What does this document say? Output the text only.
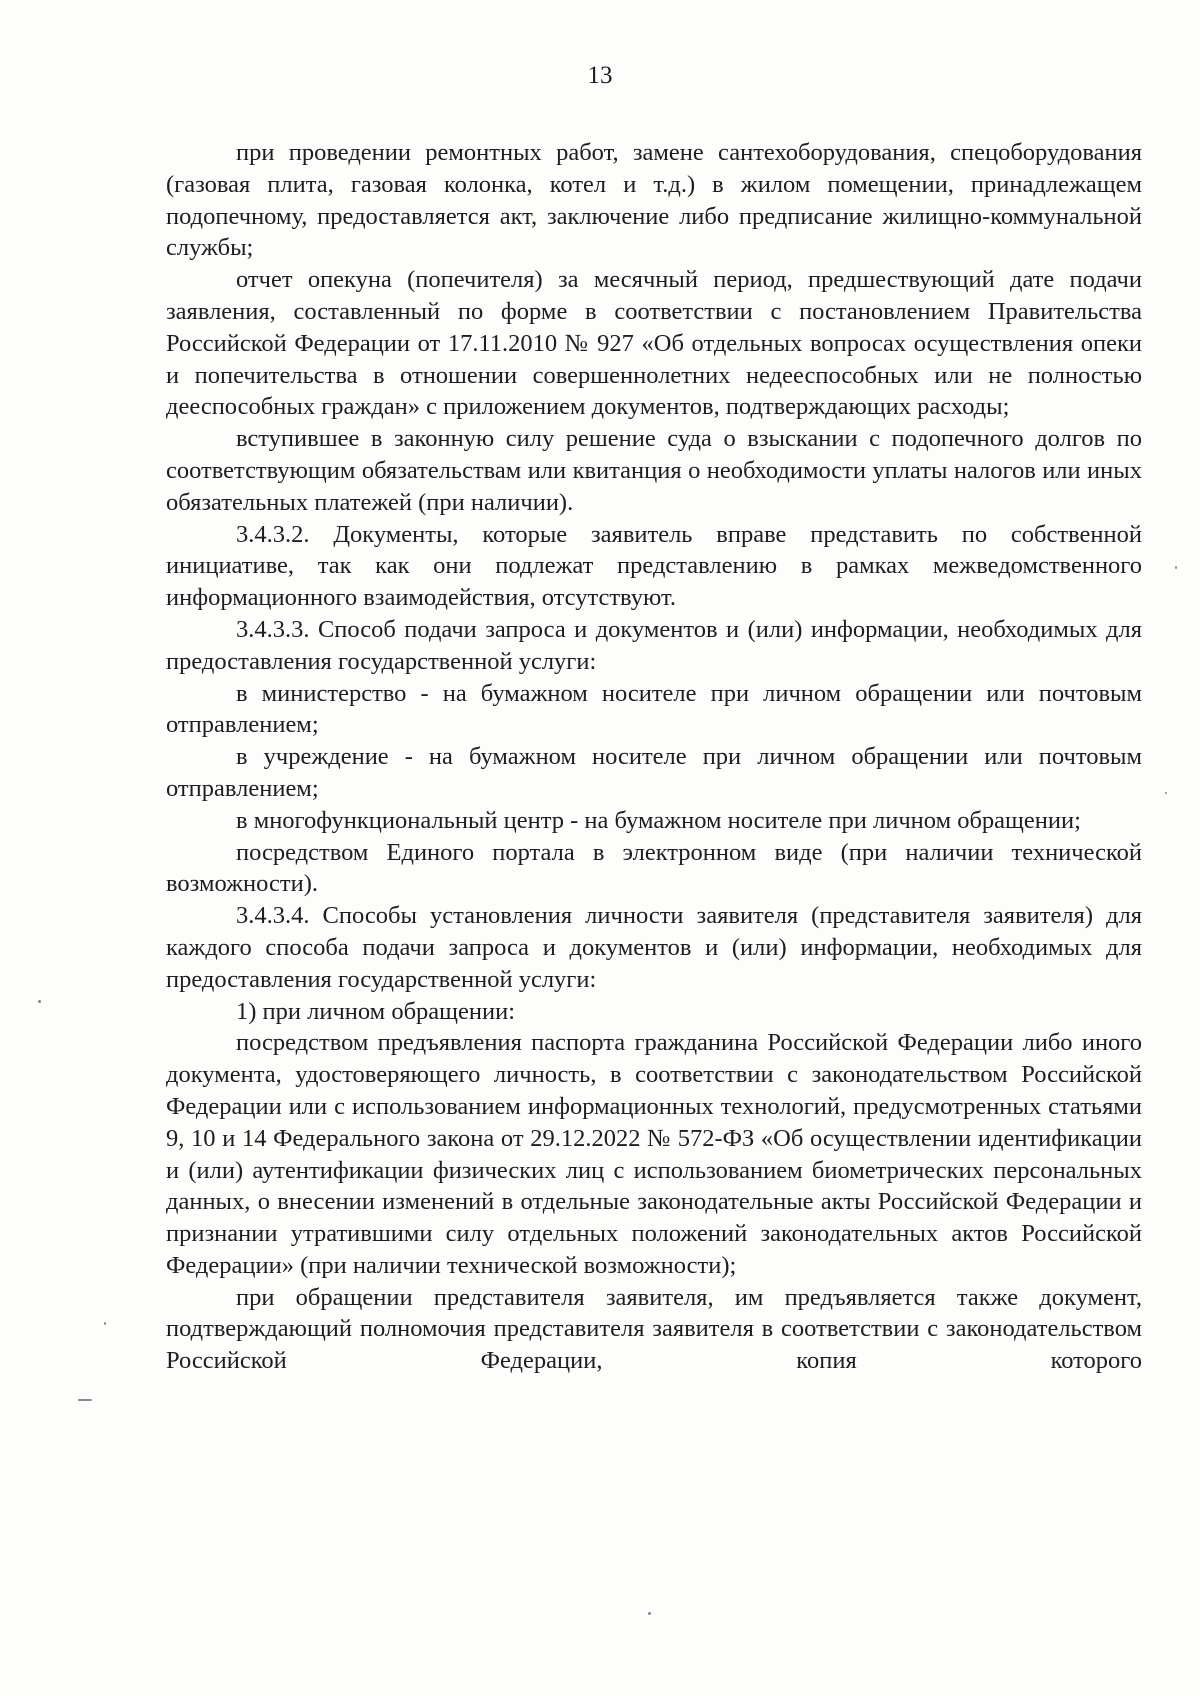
13

при проведении ремонтных работ, замене сантехоборудования, спецоборудования (газовая плита, газовая колонка, котел и т.д.) в жилом помещении, принадлежащем подопечному, предоставляется акт, заключение либо предписание жилищно-коммунальной службы;

отчет опекуна (попечителя) за месячный период, предшествующий дате подачи заявления, составленный по форме в соответствии с постановлением Правительства Российской Федерации от 17.11.2010 № 927 «Об отдельных вопросах осуществления опеки и попечительства в отношении совершеннолетних недееспособных или не полностью дееспособных граждан» с приложением документов, подтверждающих расходы;

вступившее в законную силу решение суда о взыскании с подопечного долгов по соответствующим обязательствам или квитанция о необходимости уплаты налогов или иных обязательных платежей (при наличии).

3.4.3.2. Документы, которые заявитель вправе представить по собственной инициативе, так как они подлежат представлению в рамках межведомственного информационного взаимодействия, отсутствуют.

3.4.3.3. Способ подачи запроса и документов и (или) информации, необходимых для предоставления государственной услуги:

в министерство - на бумажном носителе при личном обращении или почтовым отправлением;

в учреждение - на бумажном носителе при личном обращении или почтовым отправлением;

в многофункциональный центр - на бумажном носителе при личном обращении;

посредством Единого портала в электронном виде (при наличии технической возможности).

3.4.3.4. Способы установления личности заявителя (представителя заявителя) для каждого способа подачи запроса и документов и (или) информации, необходимых для предоставления государственной услуги:

1) при личном обращении:

посредством предъявления паспорта гражданина Российской Федерации либо иного документа, удостоверяющего личность, в соответствии с законодательством Российской Федерации или с использованием информационных технологий, предусмотренных статьями 9, 10 и 14 Федерального закона от 29.12.2022 № 572-ФЗ «Об осуществлении идентификации и (или) аутентификации физических лиц с использованием биометрических персональных данных, о внесении изменений в отдельные законодательные акты Российской Федерации и признании утратившими силу отдельных положений законодательных актов Российской Федерации» (при наличии технической возможности);

при обращении представителя заявителя, им предъявляется также документ, подтверждающий полномочия представителя заявителя в соответствии с законодательством Российской Федерации, копия которого
